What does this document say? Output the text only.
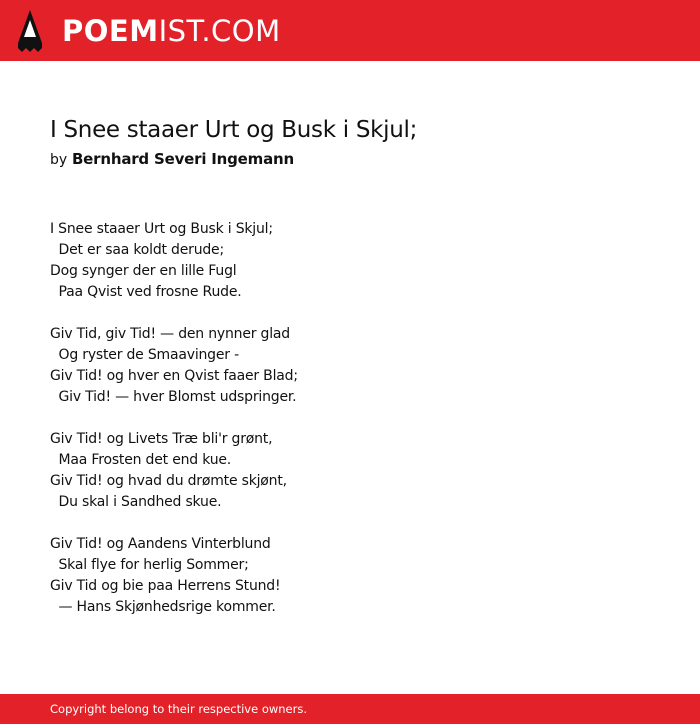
POEMIST.COM
I Snee staaer Urt og Busk i Skjul;
by Bernhard Severi Ingemann
I Snee staaer Urt og Busk i Skjul;
Det er saa koldt derude;
Dog synger der en lille Fugl
Paa Qvist ved frosne Rude.
Giv Tid, giv Tid! — den nynner glad
Og ryster de Smaavinger -
Giv Tid! og hver en Qvist faaer Blad;
Giv Tid! — hver Blomst udspringer.
Giv Tid! og Livets Træ bli'r grønt,
Maa Frosten det end kue.
Giv Tid! og hvad du drømte skjønt,
Du skal i Sandhed skue.
Giv Tid! og Aandens Vinterblund
Skal flye for herlig Sommer;
Giv Tid og bie paa Herrens Stund!
— Hans Skjønhedsrige kommer.
Copyright belong to their respective owners.
